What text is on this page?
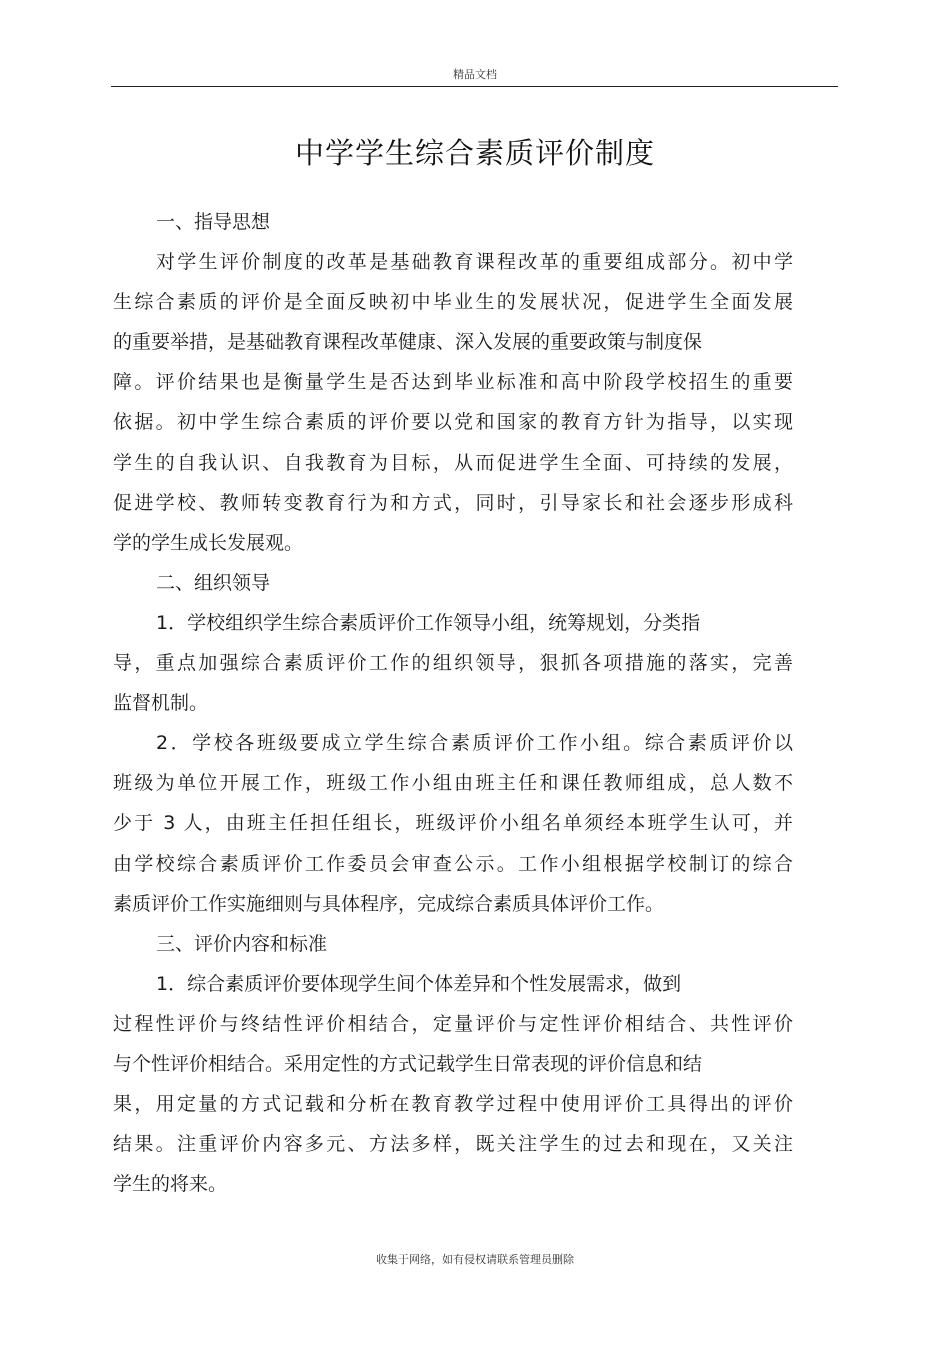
精品文档
中学学生综合素质评价制度
一、指导思想
对学生评价制度的改革是基础教育课程改革的重要组成部分。初中学
生综合素质的评价是全面反映初中毕业生的发展状况，促进学生全面发展
的重要举措，是基础教育课程改革健康、深入发展的重要政策与制度保
障。评价结果也是衡量学生是否达到毕业标准和高中阶段学校招生的重要
依据。初中学生综合素质的评价要以党和国家的教育方针为指导，以实现
学生的自我认识、自我教育为目标，从而促进学生全面、可持续的发展，
促进学校、教师转变教育行为和方式，同时，引导家长和社会逐步形成科
学的学生成长发展观。
二、组织领导
1．学校组织学生综合素质评价工作领导小组，统筹规划，分类指
导，重点加强综合素质评价工作的组织领导，狠抓各项措施的落实，完善
监督机制。
2．学校各班级要成立学生综合素质评价工作小组。综合素质评价以
班级为单位开展工作，班级工作小组由班主任和课任教师组成，总人数不
少于 3 人，由班主任担任组长，班级评价小组名单须经本班学生认可，并
由学校综合素质评价工作委员会审查公示。工作小组根据学校制订的综合
素质评价工作实施细则与具体程序，完成综合素质具体评价工作。
三、评价内容和标准
1．综合素质评价要体现学生间个体差异和个性发展需求，做到
过程性评价与终结性评价相结合，定量评价与定性评价相结合、共性评价
与个性评价相结合。采用定性的方式记载学生日常表现的评价信息和结
果，用定量的方式记载和分析在教育教学过程中使用评价工具得出的评价
结果。注重评价内容多元、方法多样，既关注学生的过去和现在，又关注
学生的将来。
收集于网络，如有侵权请联系管理员删除
